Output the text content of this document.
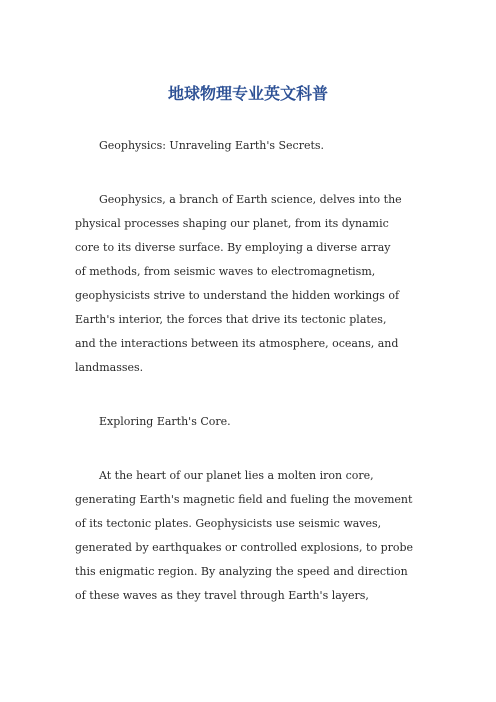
地球物理专业英文科普

Geophysics: Unraveling Earth's Secrets.

Geophysics, a branch of Earth science, delves into the

physical processes shaping our planet, from its dynamic

core to its diverse surface. By employing a diverse array

of methods, from seismic waves to electromagnetism,

geophysicists strive to understand the hidden workings of

Earth's interior, the forces that drive its tectonic plates,

and the interactions between its atmosphere, oceans, and

landmasses.

Exploring Earth's Core.

At the heart of our planet lies a molten iron core,

generating Earth's magnetic field and fueling the movement

of its tectonic plates. Geophysicists use seismic waves,

generated by earthquakes or controlled explosions, to probe

this enigmatic region. By analyzing the speed and direction

of these waves as they travel through Earth's layers,
